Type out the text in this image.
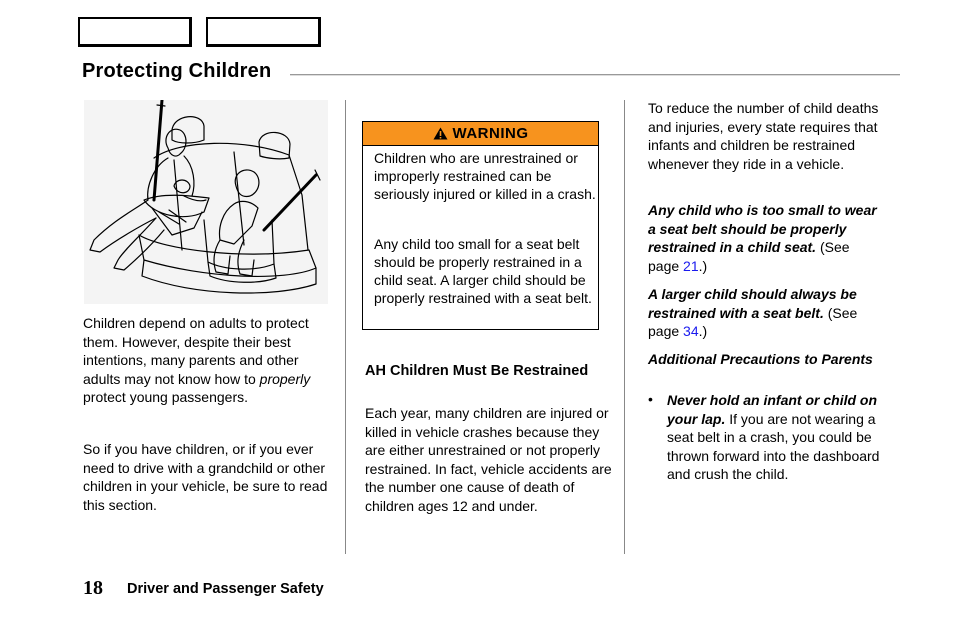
Protecting Children
Children depend on adults to protect them. However, despite their best intentions, many parents and other adults may not know how to properly protect young passengers.
So if you have children, or if you ever need to drive with a grandchild or other children in your vehicle, be sure to read this section.
WARNING
Children who are unrestrained or improperly restrained can be seriously injured or killed in a crash.
Any child too small for a seat belt should be properly restrained in a child seat. A larger child should be properly restrained with a seat belt.
AH Children Must Be Restrained
Each year, many children are injured or killed in vehicle crashes because they are either unrestrained or not properly restrained. In fact, vehicle accidents are the number one cause of death of children ages 12 and under.
To reduce the number of child deaths and injuries, every state requires that infants and children be restrained whenever they ride in a vehicle.
Any child who is too small to wear a seat belt should be properly restrained in a child seat. (See page 21.)
A larger child should always be restrained with a seat belt. (See page 34.)
Additional Precautions to Parents
• Never hold an infant or child on your lap. If you are not wearing a seat belt in a crash, you could be thrown forward into the dashboard and crush the child.
18 Driver and Passenger Safety
